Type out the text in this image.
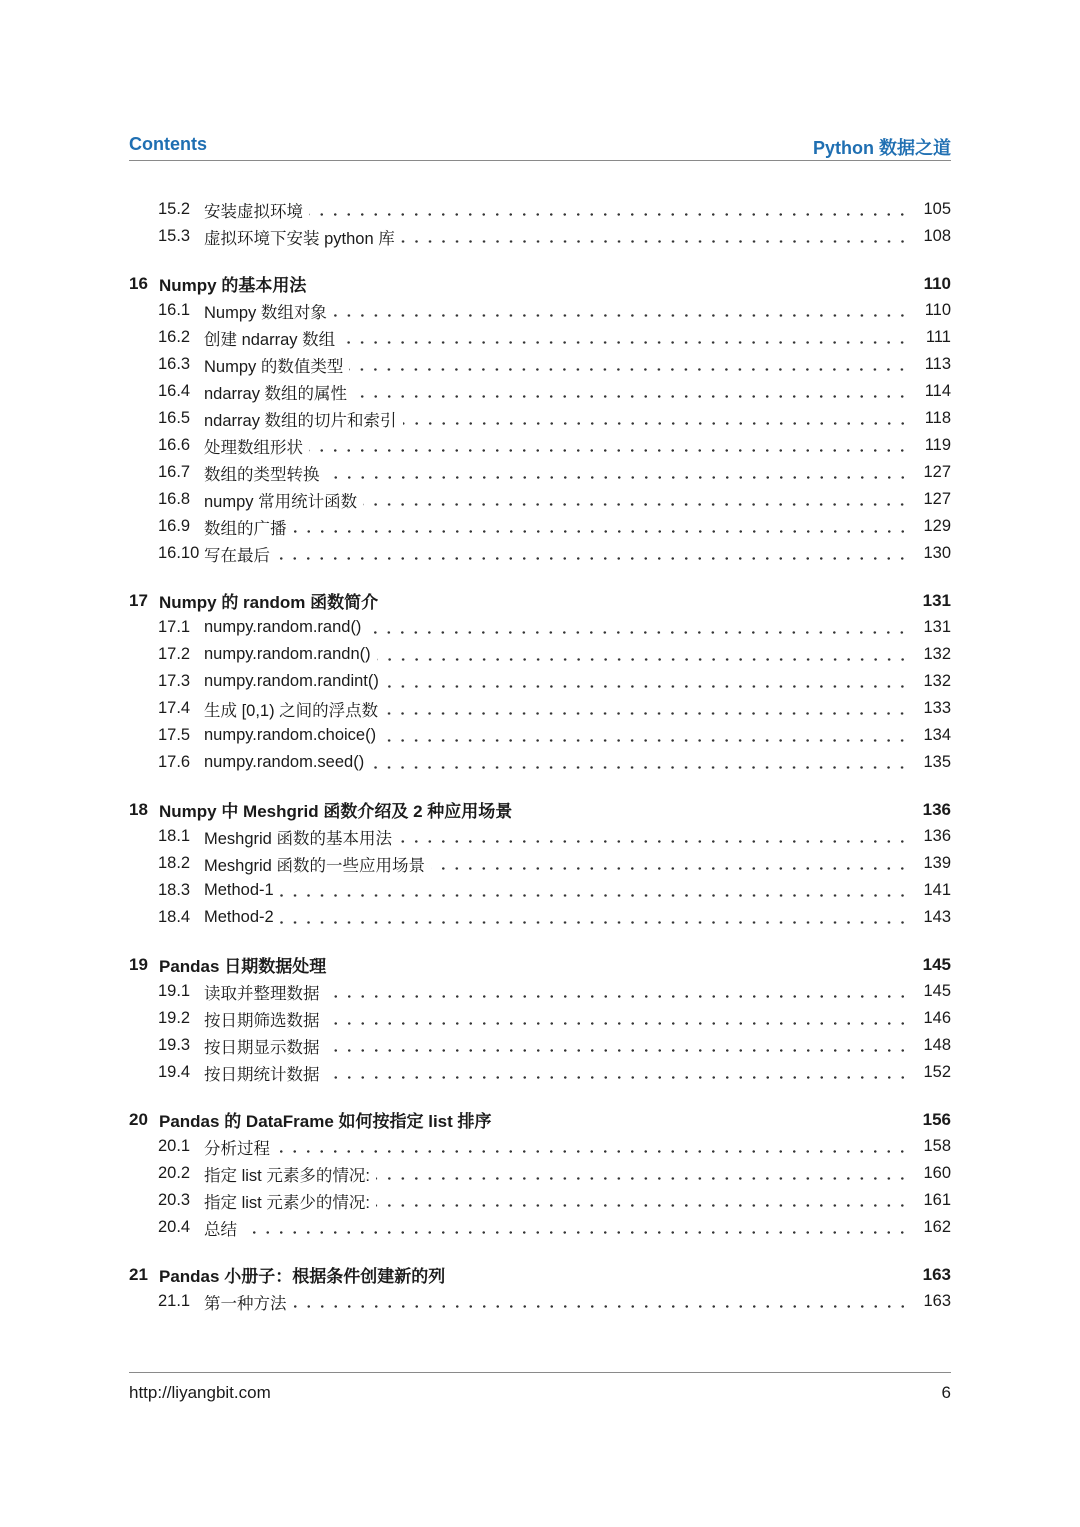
Contents	Python 数据之道
15.2 安装虚拟环境	105
15.3 虚拟环境下安装 python 库	108
16 Numpy 的基本用法	110
16.1 Numpy 数组对象	110
16.2 创建 ndarray 数组	111
16.3 Numpy 的数值类型	113
16.4 ndarray 数组的属性	114
16.5 ndarray 数组的切片和索引	118
16.6 处理数组形状	119
16.7 数组的类型转换	127
16.8 numpy 常用统计函数	127
16.9 数组的广播	129
16.10 写在最后	130
17 Numpy 的 random 函数简介	131
17.1 numpy.random.rand()	131
17.2 numpy.random.randn()	132
17.3 numpy.random.randint()	132
17.4 生成 [0,1) 之间的浮点数	133
17.5 numpy.random.choice()	134
17.6 numpy.random.seed()	135
18 Numpy 中 Meshgrid 函数介绍及 2 种应用场景	136
18.1 Meshgrid 函数的基本用法	136
18.2 Meshgrid 函数的一些应用场景	139
18.3 Method-1	141
18.4 Method-2	143
19 Pandas 日期数据处理	145
19.1 读取并整理数据	145
19.2 按日期筛选数据	146
19.3 按日期显示数据	148
19.4 按日期统计数据	152
20 Pandas 的 DataFrame 如何按指定 list 排序	156
20.1 分析过程	158
20.2 指定 list 元素多的情况:	160
20.3 指定 list 元素少的情况:	161
20.4 总结	162
21 Pandas 小册子：根据条件创建新的列	163
21.1 第一种方法	163
http://liyangbit.com	6
